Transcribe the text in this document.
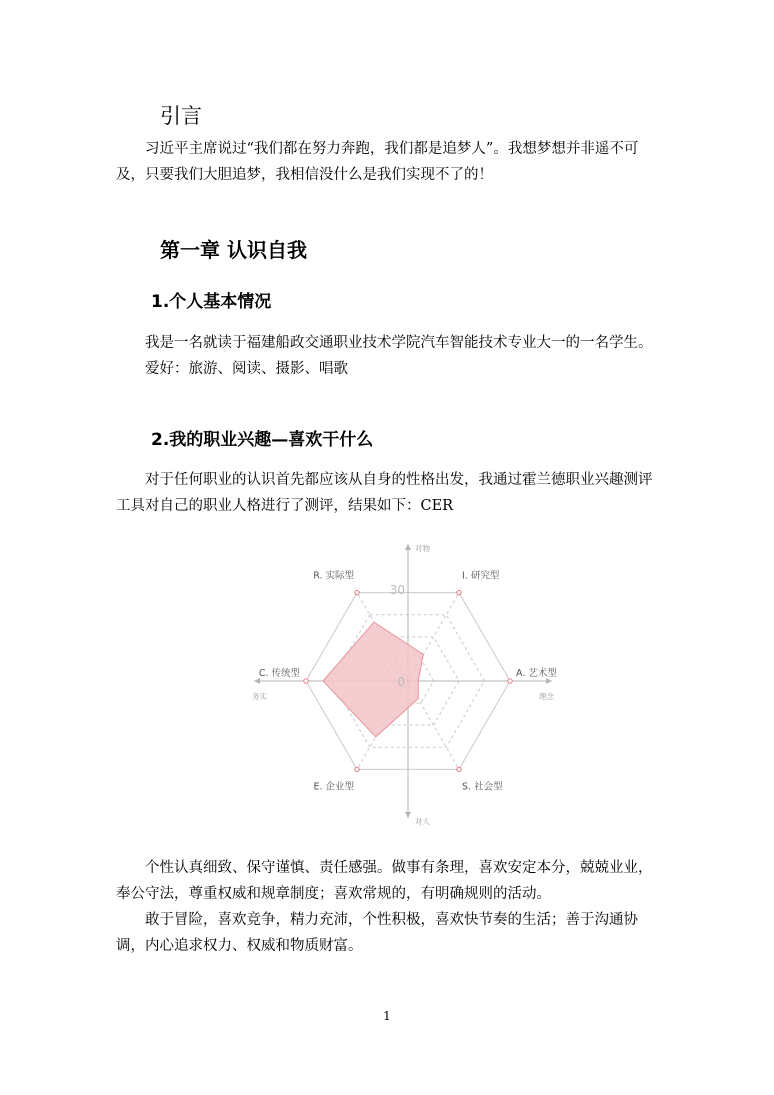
引言
习近平主席说过“我们都在努力奔跑，我们都是追梦人”。我想梦想并非遥不可及，只要我们大胆追梦，我相信没什么是我们实现不了的！
第一章 认识自我
1.个人基本情况
我是一名就读于福建船政交通职业技术学院汽车智能技术专业大一的一名学生。
爱好：旅游、阅读、摄影、唱歌
2.我的职业兴趣—喜欢干什么
对于任何职业的认识首先都应该从自身的性格出发，我通过霍兰德职业兴趣测评工具对自己的职业人格进行了测评，结果如下：CER
R. 实际型	I. 研究型
A. 艺术型
S. 社会型
E. 企业型
C. 传统型
30
0
对物
对人
务实	理念
个性认真细致、保守谨慎、责任感强。做事有条理，喜欢安定本分，兢兢业业，奉公守法，尊重权威和规章制度；喜欢常规的，有明确规则的活动。
敢于冒险，喜欢竞争，精力充沛，个性积极，喜欢快节奏的生活；善于沟通协调，内心追求权力、权威和物质财富。
1
